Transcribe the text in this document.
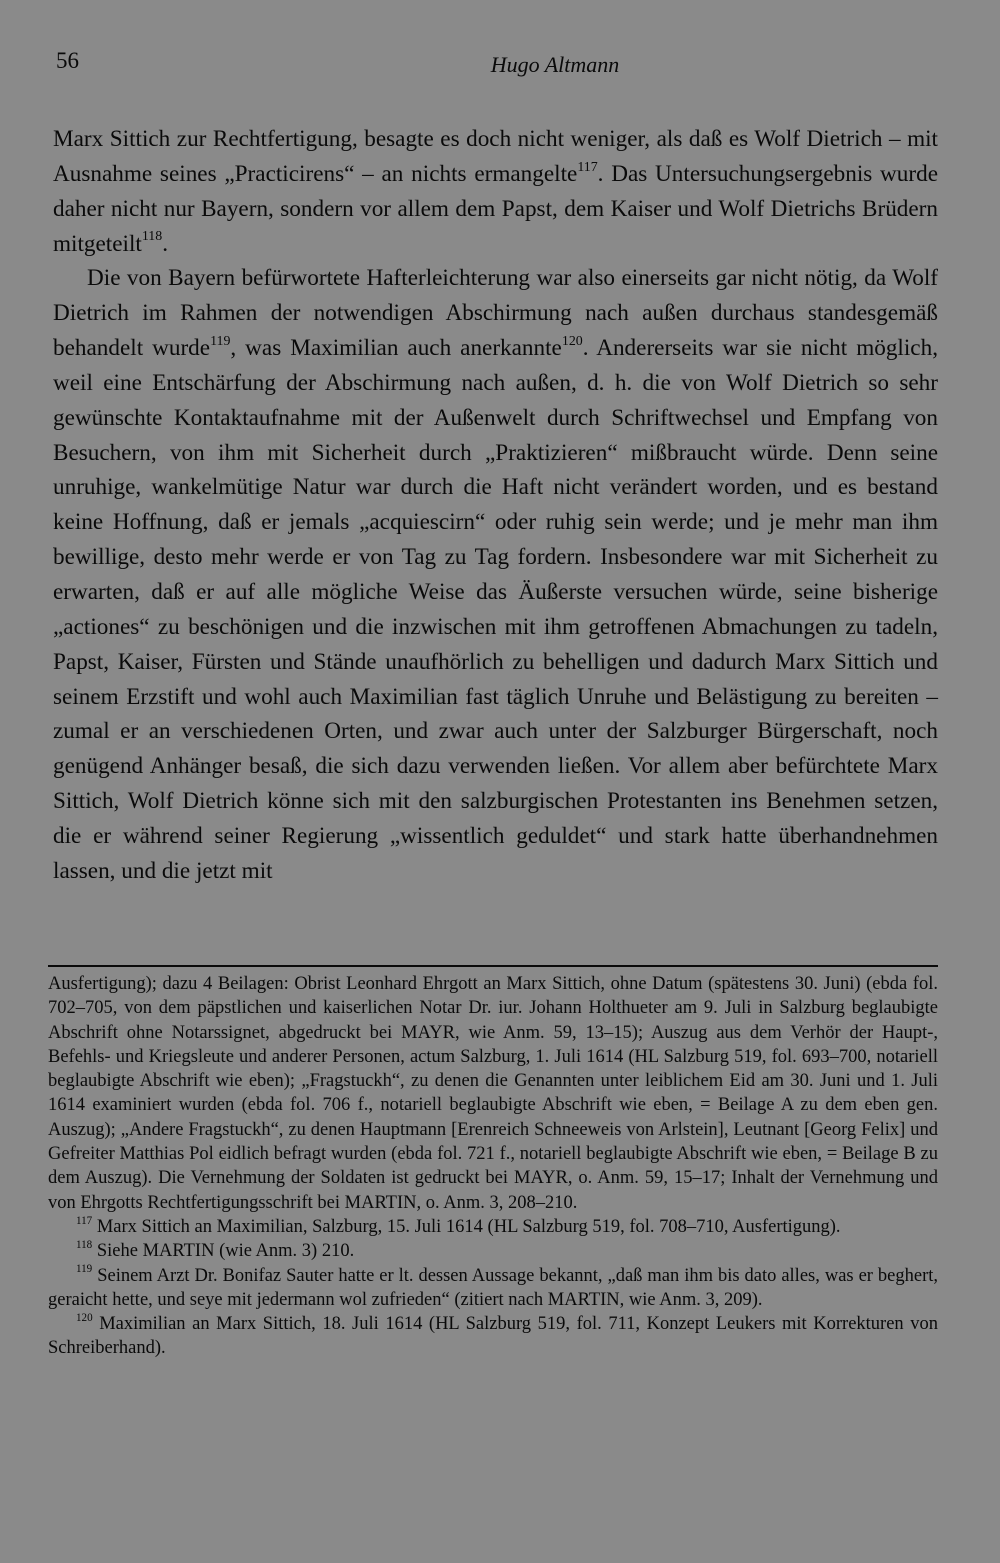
56	Hugo Altmann

Marx Sittich zur Rechtfertigung, besagte es doch nicht weniger, als daß es Wolf Dietrich – mit Ausnahme seines „Practicirens“ – an nichts ermangelte$^{117}$. Das Untersuchungsergebnis wurde daher nicht nur Bayern, sondern vor allem dem Papst, dem Kaiser und Wolf Dietrichs Brüdern mitgeteilt$^{118}$.

Die von Bayern befürwortete Hafterleichterung war also einerseits gar nicht nötig, da Wolf Dietrich im Rahmen der notwendigen Abschirmung nach außen durchaus standesgemäß behandelt wurde$^{119}$, was Maximilian auch anerkannte$^{120}$. Andererseits war sie nicht möglich, weil eine Entschärfung der Abschirmung nach außen, d. h. die von Wolf Dietrich so sehr gewünschte Kontaktaufnahme mit der Außenwelt durch Schriftwechsel und Empfang von Besuchern, von ihm mit Sicherheit durch „Praktizieren“ mißbraucht würde. Denn seine unruhige, wankelmütige Natur war durch die Haft nicht verändert worden, und es bestand keine Hoffnung, daß er jemals „acquiescirn“ oder ruhig sein werde; und je mehr man ihm bewillige, desto mehr werde er von Tag zu Tag fordern. Insbesondere war mit Sicherheit zu erwarten, daß er auf alle mögliche Weise das Äußerste versuchen würde, seine bisherige „actiones“ zu beschönigen und die inzwischen mit ihm getroffenen Abmachungen zu tadeln, Papst, Kaiser, Fürsten und Stände unaufhörlich zu behelligen und dadurch Marx Sittich und seinem Erzstift und wohl auch Maximilian fast täglich Unruhe und Belästigung zu bereiten – zumal er an verschiedenen Orten, und zwar auch unter der Salzburger Bürgerschaft, noch genügend Anhänger besaß, die sich dazu verwenden ließen. Vor allem aber befürchtete Marx Sittich, Wolf Dietrich könne sich mit den salzburgischen Protestanten ins Benehmen setzen, die er während seiner Regierung „wissentlich geduldet“ und stark hatte überhandnehmen lassen, und die jetzt mit

Ausfertigung); dazu 4 Beilagen: Obrist Leonhard Ehrgott an Marx Sittich, ohne Datum (spätestens 30. Juni) (ebda fol. 702–705, von dem päpstlichen und kaiserlichen Notar Dr. iur. Johann Holthueter am 9. Juli in Salzburg beglaubigte Abschrift ohne Notarssignet, abgedruckt bei MAYR, wie Anm. 59, 13–15); Auszug aus dem Verhör der Haupt-, Befehls- und Kriegsleute und anderer Personen, actum Salzburg, 1. Juli 1614 (HL Salzburg 519, fol. 693–700, notariell beglaubigte Abschrift wie eben); „Fragstuckh“, zu denen die Genannten unter leiblichem Eid am 30. Juni und 1. Juli 1614 examiniert wurden (ebda fol. 706 f., notariell beglaubigte Abschrift wie eben, = Beilage A zu dem eben gen. Auszug); „Andere Fragstuckh“, zu denen Hauptmann [Erenreich Schneeweis von Arlstein], Leutnant [Georg Felix] und Gefreiter Matthias Pol eidlich befragt wurden (ebda fol. 721 f., notariell beglaubigte Abschrift wie eben, = Beilage B zu dem Auszug). Die Vernehmung der Soldaten ist gedruckt bei MAYR, o. Anm. 59, 15–17; Inhalt der Vernehmung und von Ehrgotts Rechtfertigungsschrift bei MARTIN, o. Anm. 3, 208–210.

$^{117}$ Marx Sittich an Maximilian, Salzburg, 15. Juli 1614 (HL Salzburg 519, fol. 708–710, Ausfertigung).

$^{118}$ Siehe MARTIN (wie Anm. 3) 210.

$^{119}$ Seinem Arzt Dr. Bonifaz Sauter hatte er lt. dessen Aussage bekannt, „daß man ihm bis dato alles, was er beghert, geraicht hette, und seye mit jedermann wol zufrieden“ (zitiert nach MARTIN, wie Anm. 3, 209).

$^{120}$ Maximilian an Marx Sittich, 18. Juli 1614 (HL Salzburg 519, fol. 711, Konzept Leukers mit Korrekturen von Schreiberhand).
